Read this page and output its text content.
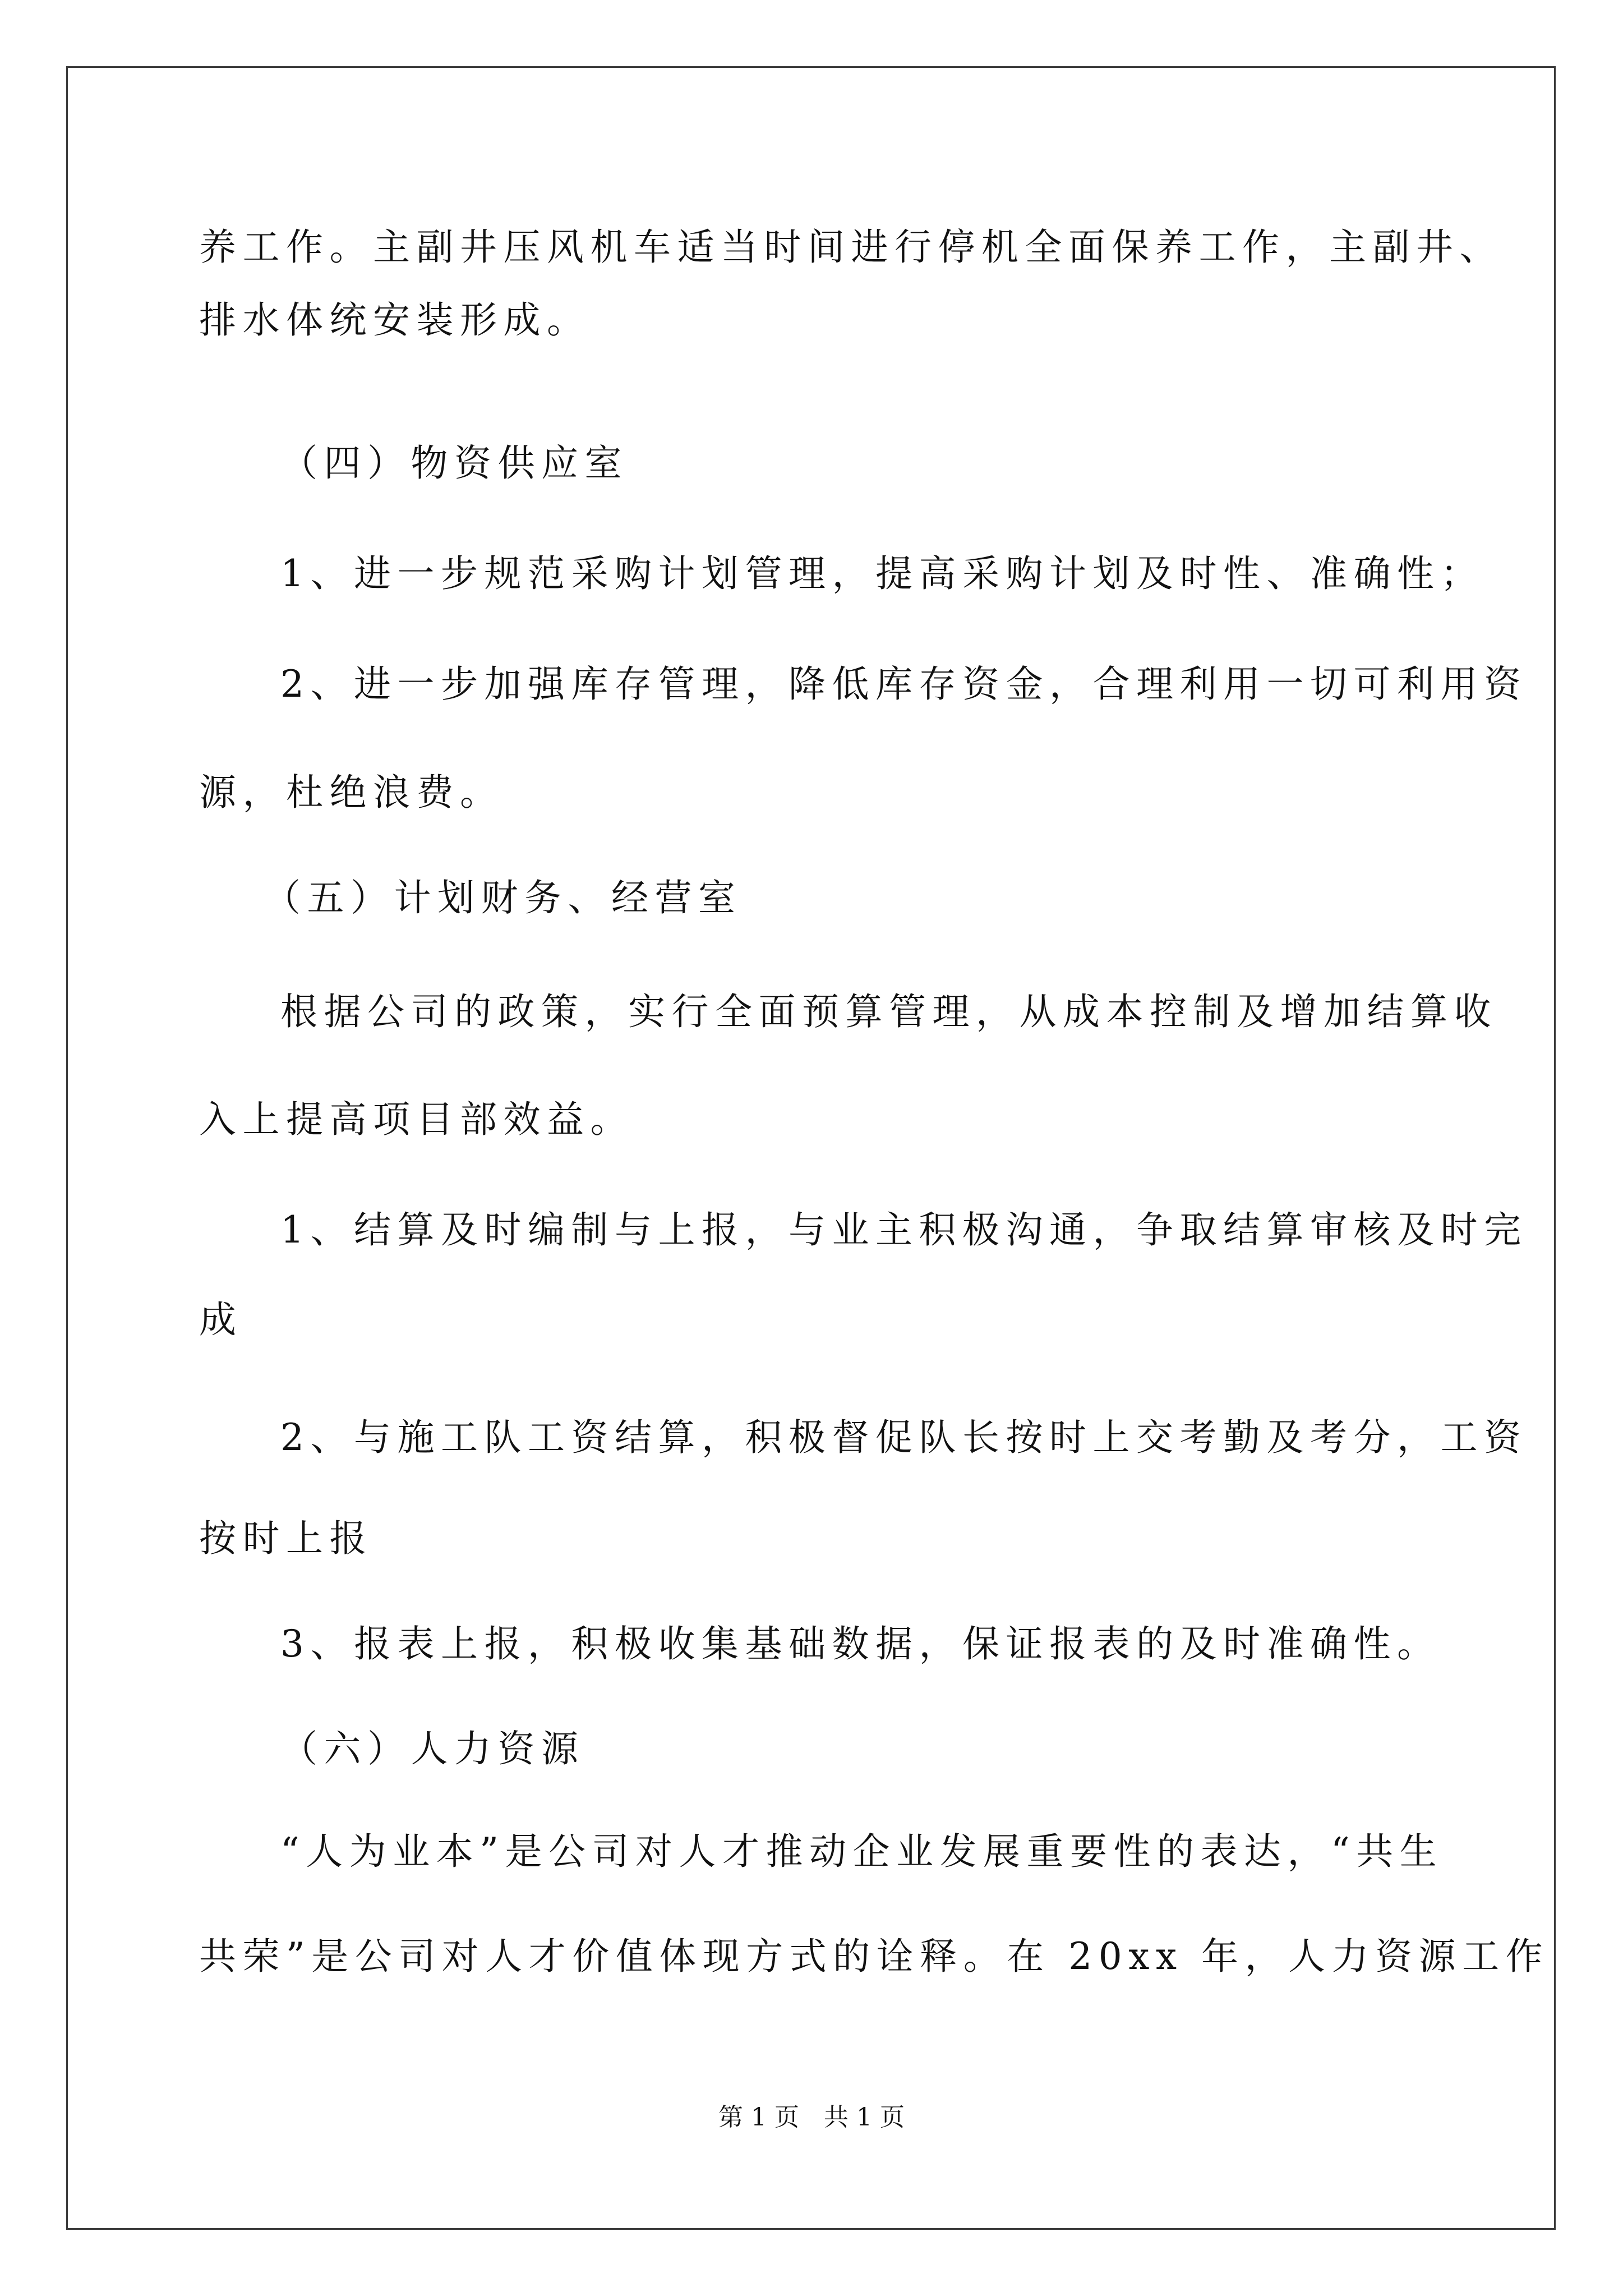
养工作。主副井压风机车适当时间进行停机全面保养工作，主副井、

排水体统安装形成。

（四）物资供应室

1、进一步规范采购计划管理，提高采购计划及时性、准确性；

2、进一步加强库存管理，降低库存资金，合理利用一切可利用资

源，杜绝浪费。

（五）计划财务、经营室

根据公司的政策，实行全面预算管理，从成本控制及增加结算收

入上提高项目部效益。

1、结算及时编制与上报，与业主积极沟通，争取结算审核及时完

成

2、与施工队工资结算，积极督促队长按时上交考勤及考分，工资

按时上报

3、报表上报，积极收集基础数据，保证报表的及时准确性。

（六）人力资源

“人为业本”是公司对人才推动企业发展重要性的表达，“共生

共荣”是公司对人才价值体现方式的诠释。在 20xx 年，人力资源工作

第 1 页　共 1 页
